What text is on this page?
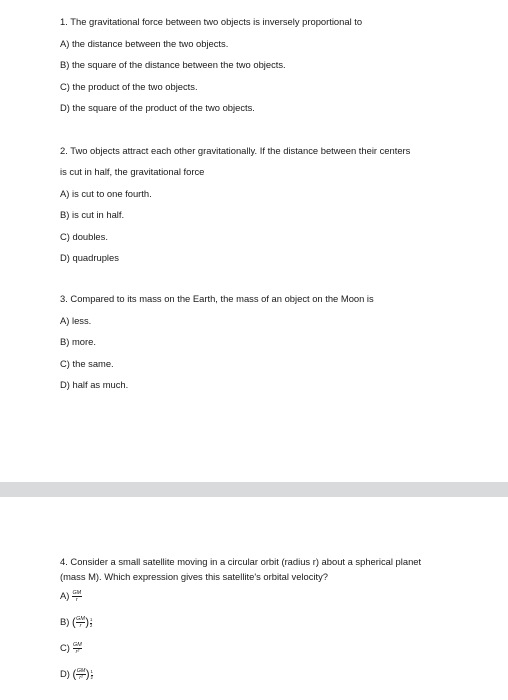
1. The gravitational force between two objects is inversely proportional to
A) the distance between the two objects.
B) the square of the distance between the two objects.
C) the product of the two objects.
D) the square of the product of the two objects.
2. Two objects attract each other gravitationally. If the distance between their centers
is cut in half, the gravitational force
A) is cut to one fourth.
B) is cut in half.
C) doubles.
D) quadruples
3. Compared to its mass on the Earth, the mass of an object on the Moon is
A) less.
B) more.
C) the same.
D) half as much.
4. Consider a small satellite moving in a circular orbit (radius r) about a spherical planet
(mass M). Which expression gives this satellite's orbital velocity?
$A) \frac{GM}{r}$
B) ( $\frac{GM}{r}$ ) $\frac{1}{2}$
$C) \frac{GM}{\text{r²}}$
D) ( $\frac{GM}{\text{r²}}$ ) $\frac{1}{2}$
